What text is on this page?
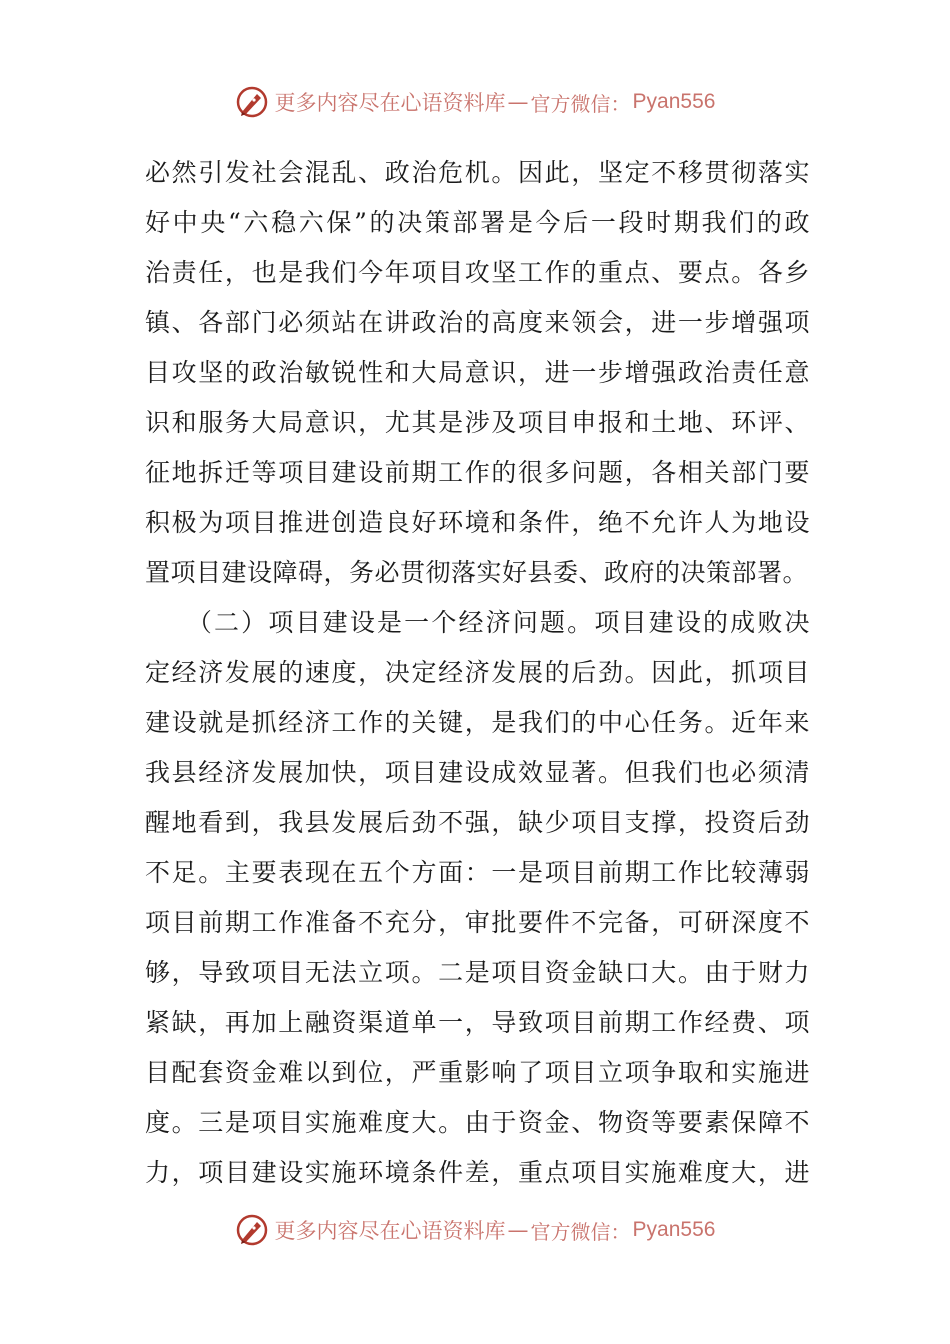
更多内容尽在心语资料库 — 官方微信： Pyan556
必然引发社会混乱、政治危机。因此，坚定不移贯彻落实
好中央“六稳六保”的决策部署是今后一段时期我们的政
治责任，也是我们今年项目攻坚工作的重点、要点。各乡
镇、各部门必须站在讲政治的高度来领会，进一步增强项
目攻坚的政治敏锐性和大局意识，进一步增强政治责任意
识和服务大局意识，尤其是涉及项目申报和土地、环评、
征地拆迁等项目建设前期工作的很多问题，各相关部门要
积极为项目推进创造良好环境和条件，绝不允许人为地设
置项目建设障碍，务必贯彻落实好县委、政府的决策部署。
　　（二）项目建设是一个经济问题。项目建设的成败决
定经济发展的速度，决定经济发展的后劲。因此，抓项目
建设就是抓经济工作的关键，是我们的中心任务。近年来
我县经济发展加快，项目建设成效显著。但我们也必须清
醒地看到，我县发展后劲不强，缺少项目支撑，投资后劲
不足。主要表现在五个方面：一是项目前期工作比较薄弱
项目前期工作准备不充分，审批要件不完备，可研深度不
够，导致项目无法立项。二是项目资金缺口大。由于财力
紧缺，再加上融资渠道单一，导致项目前期工作经费、项
目配套资金难以到位，严重影响了项目立项争取和实施进
度。三是项目实施难度大。由于资金、物资等要素保障不
力，项目建设实施环境条件差，重点项目实施难度大，进
更多内容尽在心语资料库 — 官方微信： Pyan556
